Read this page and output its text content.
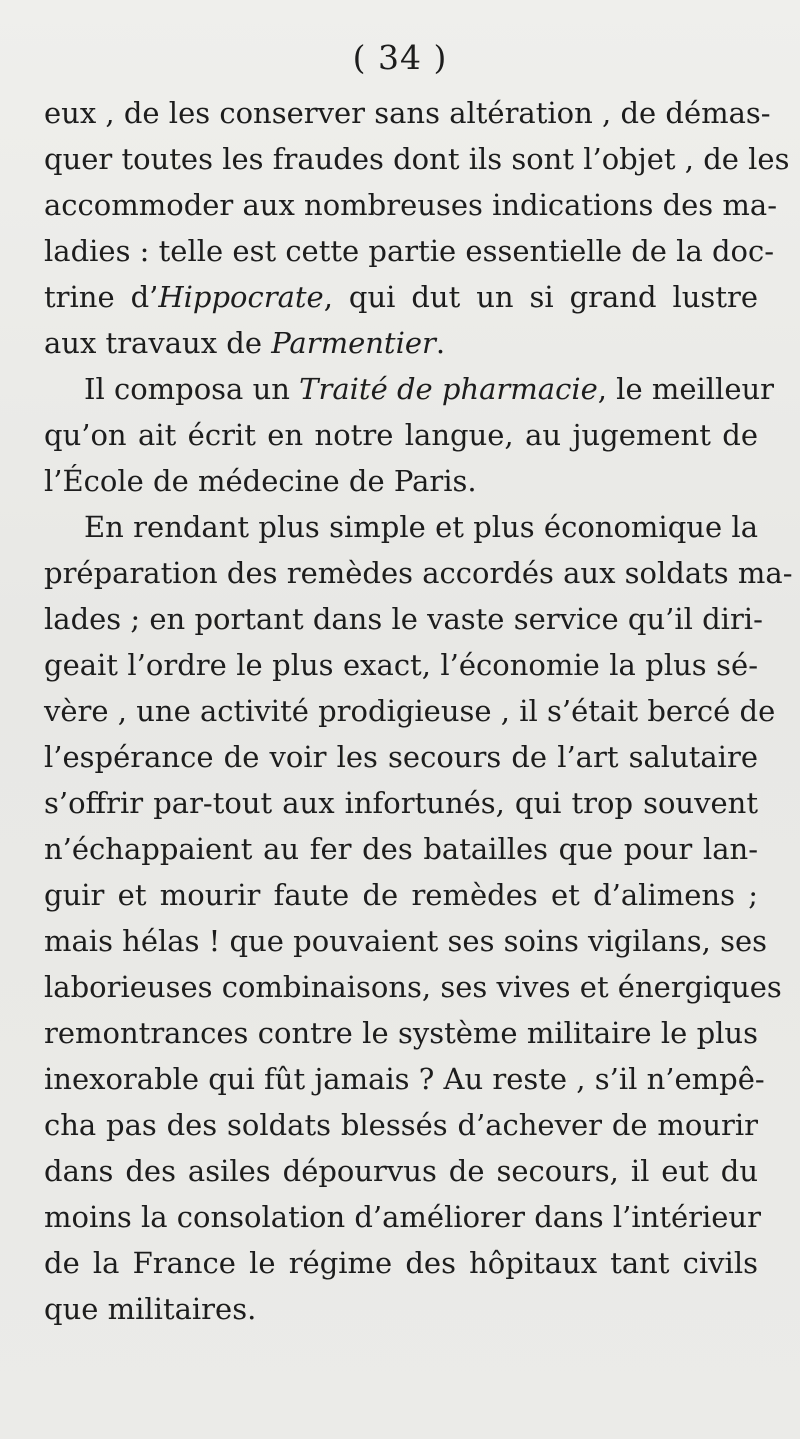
( 34 )
eux , de les conserver sans altération , de démas-
quer toutes les fraudes dont ils sont l’objet , de les
accommoder aux nombreuses indications des ma-
ladies : telle est cette partie essentielle de la doc-
trine d’Hippocrate, qui dut un si grand lustre
aux travaux de Parmentier.
Il composa un Traité de pharmacie, le meilleur
qu’on ait écrit en notre langue, au jugement de
l’École de médecine de Paris.
En rendant plus simple et plus économique la
préparation des remèdes accordés aux soldats ma-
lades ; en portant dans le vaste service qu’il diri-
geait l’ordre le plus exact, l’économie la plus sé-
vère , une activité prodigieuse , il s’était bercé de
l’espérance de voir les secours de l’art salutaire
s’offrir par-tout aux infortunés, qui trop souvent
n’échappaient au fer des batailles que pour lan-
guir et mourir faute de remèdes et d’alimens ;
mais hélas ! que pouvaient ses soins vigilans, ses
laborieuses combinaisons, ses vives et énergiques
remontrances contre le système militaire le plus
inexorable qui fût jamais ? Au reste , s’il n’empê-
cha pas des soldats blessés d’achever de mourir
dans des asiles dépourvus de secours, il eut du
moins la consolation d’améliorer dans l’intérieur
de la France le régime des hôpitaux tant civils
que militaires.
